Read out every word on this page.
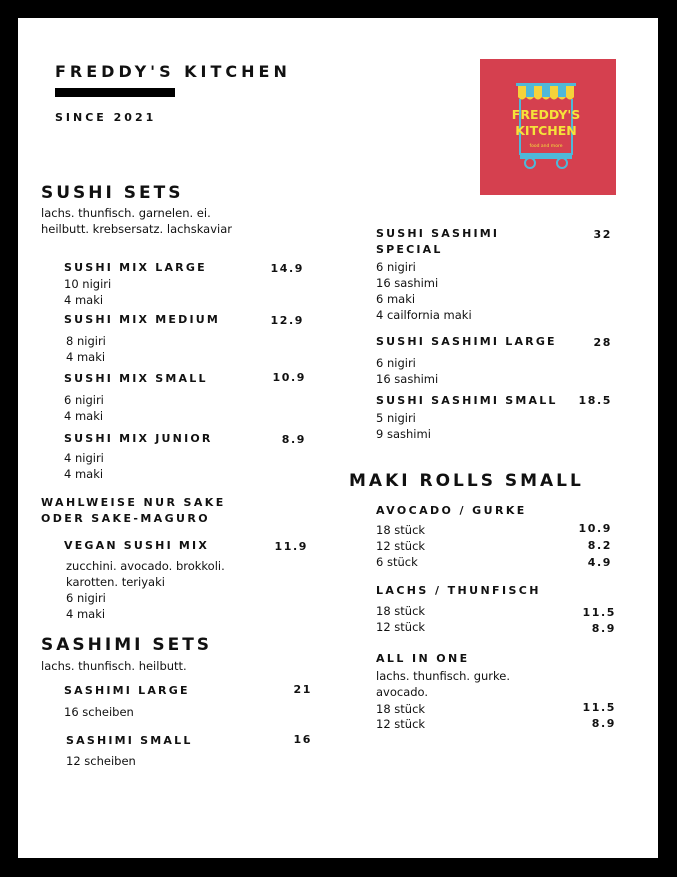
FREDDY'S KITCHEN
SINCE 2021	FREDDY'S
KITCHEN
food and more
SUSHI SETS
lachs. thunfisch. garnelen. ei. heilbutt. krebsersatz. lachskaviar
SUSHI MIX LARGE	14.9
10 nigiri
4 maki
SUSHI MIX MEDIUM	12.9
8 nigiri
4 maki
SUSHI MIX SMALL	10.9
6 nigiri
4 maki
SUSHI MIX JUNIOR	8.9
4 nigiri
4 maki
WAHLWEISE NUR SAKE ODER SAKE-MAGURO
VEGAN SUSHI MIX	11.9
zucchini. avocado. brokkoli. karotten. teriyaki
6 nigiri
4 maki
SASHIMI SETS
lachs. thunfisch. heilbutt.
SASHIMI LARGE	21
16 scheiben
SASHIMI SMALL	16
12 scheiben
SUSHI SASHIMI SPECIAL
32
6 nigiri
16 sashimi
6 maki
4 cailfornia maki
SUSHI SASHIMI LARGE	28
6 nigiri
16 sashimi
SUSHI SASHIMI SMALL 18.5
5 nigiri
9 sashimi
MAKI ROLLS SMALL
AVOCADO / GURKE
18 stück	10.9
12 stück	8.2
6 stück	4.9
LACHS / THUNFISCH
18 stück	11.5
12 stück	8.9
ALL IN ONE
lachs. thunfisch. gurke. avocado.
18 stück	11.5
12 stück	8.9
